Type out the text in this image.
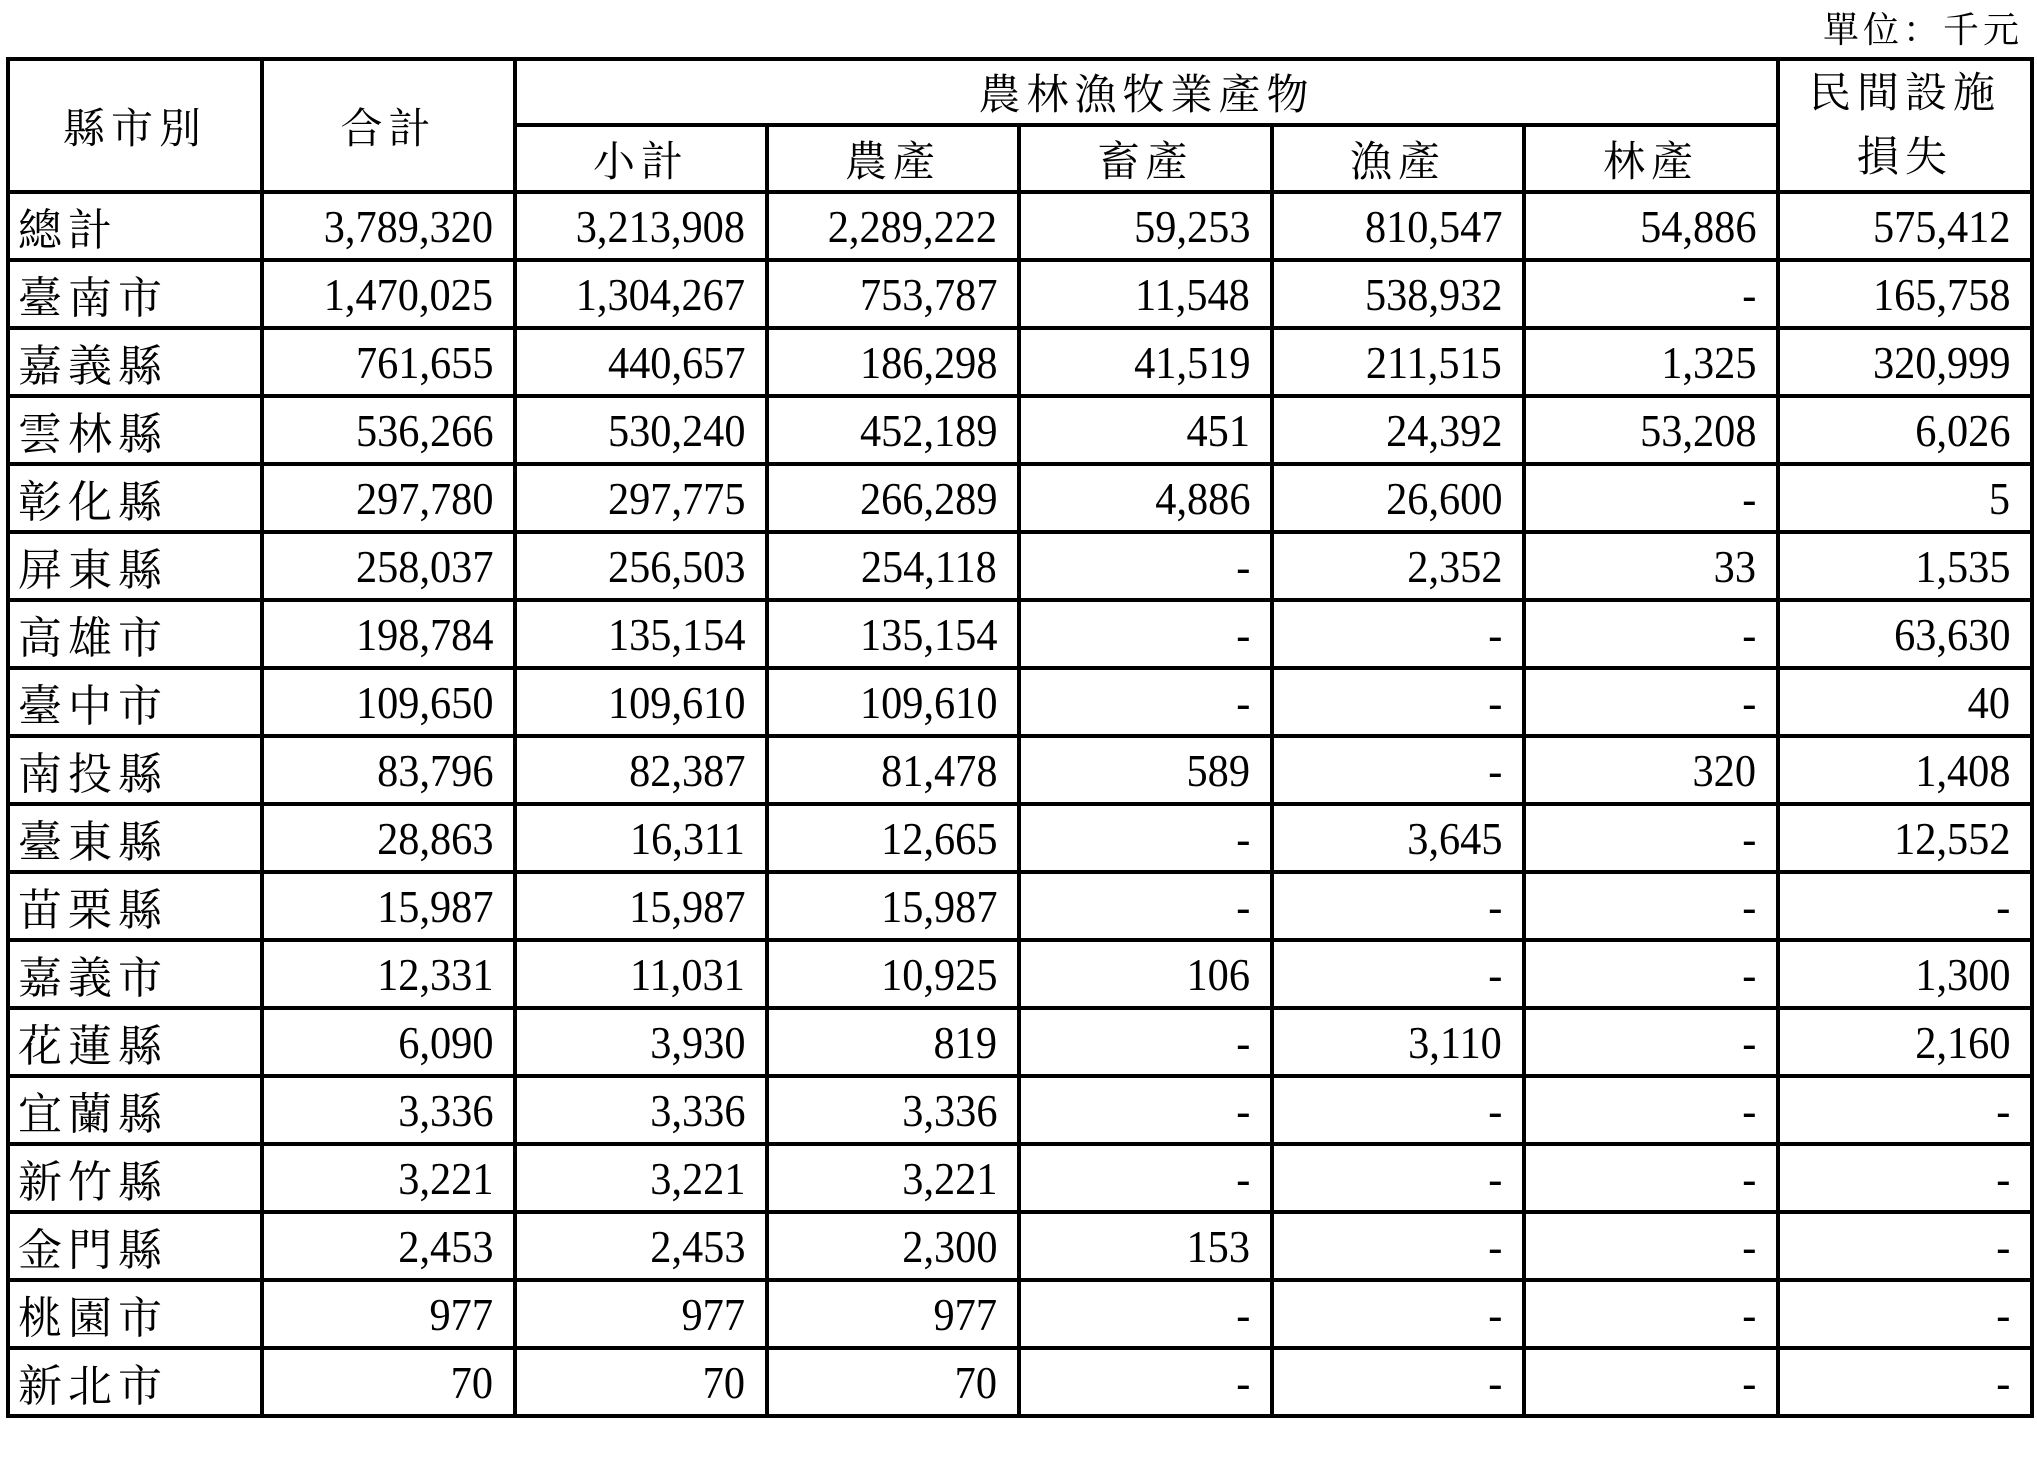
單位：千元
縣市別	合計	農林漁牧業產物					民間設施損失
		小計	農產	畜產	漁產	林產	
總計	3,789,320	3,213,908	2,289,222	59,253	810,547	54,886	575,412
臺南市	1,470,025	1,304,267	753,787	11,548	538,932	-	165,758
嘉義縣	761,655	440,657	186,298	41,519	211,515	1,325	320,999
雲林縣	536,266	530,240	452,189	451	24,392	53,208	6,026
彰化縣	297,780	297,775	266,289	4,886	26,600	-	5
屏東縣	258,037	256,503	254,118	-	2,352	33	1,535
高雄市	198,784	135,154	135,154	-	-	-	63,630
臺中市	109,650	109,610	109,610	-	-	-	40
南投縣	83,796	82,387	81,478	589	-	320	1,408
臺東縣	28,863	16,311	12,665	-	3,645	-	12,552
苗栗縣	15,987	15,987	15,987	-	-	-	-
嘉義市	12,331	11,031	10,925	106	-	-	1,300
花蓮縣	6,090	3,930	819	-	3,110	-	2,160
宜蘭縣	3,336	3,336	3,336	-	-	-	-
新竹縣	3,221	3,221	3,221	-	-	-	-
金門縣	2,453	2,453	2,300	153	-	-	-
桃園市	977	977	977	-	-	-	-
新北市	70	70	70	-	-	-	-
